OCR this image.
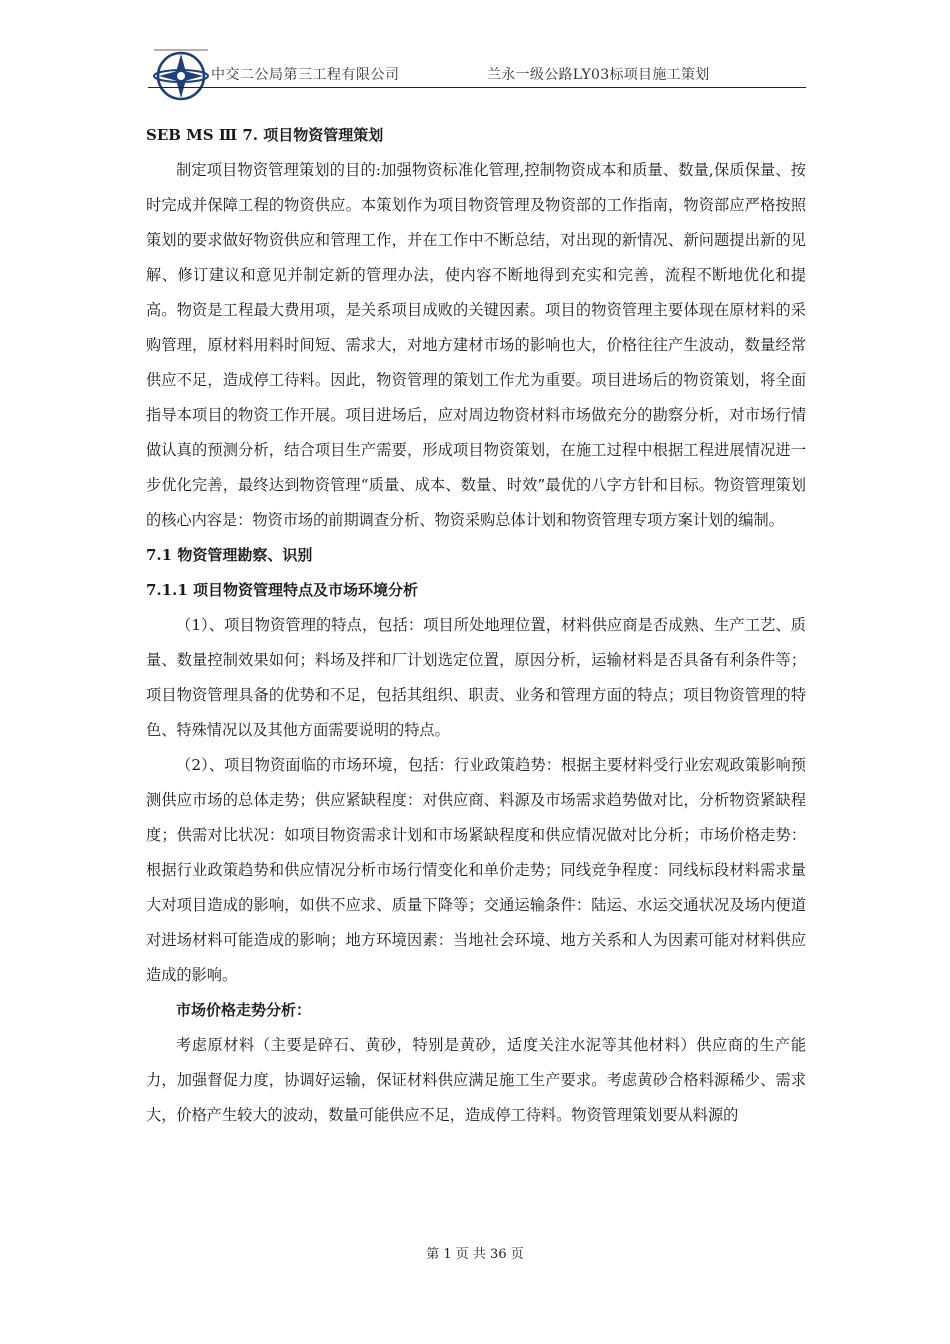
中交二公局第三工程有限公司	兰永一级公路LY03标项目施工策划
SEB MS Ⅲ 7. 项目物资管理策划

制定项目物资管理策划的目的:加强物资标准化管理,控制物资成本和质量、数量,保质保量、按时完成并保障工程的物资供应。本策划作为项目物资管理及物资部的工作指南，物资部应严格按照策划的要求做好物资供应和管理工作，并在工作中不断总结，对出现的新情况、新问题提出新的见解、修订建议和意见并制定新的管理办法，使内容不断地得到充实和完善，流程不断地优化和提高。物资是工程最大费用项，是关系项目成败的关键因素。项目的物资管理主要体现在原材料的采购管理，原材料用料时间短、需求大，对地方建材市场的影响也大，价格往往产生波动，数量经常供应不足，造成停工待料。因此，物资管理的策划工作尤为重要。项目进场后的物资策划，将全面指导本项目的物资工作开展。项目进场后，应对周边物资材料市场做充分的勘察分析，对市场行情做认真的预测分析，结合项目生产需要，形成项目物资策划，在施工过程中根据工程进展情况进一步优化完善，最终达到物资管理“质量、成本、数量、时效”最优的八字方针和目标。物资管理策划的核心内容是：物资市场的前期调查分析、物资采购总体计划和物资管理专项方案计划的编制。

7.1 物资管理勘察、识别
7.1.1 项目物资管理特点及市场环境分析

（1）、项目物资管理的特点，包括：项目所处地理位置，材料供应商是否成熟、生产工艺、质量、数量控制效果如何；料场及拌和厂计划选定位置，原因分析，运输材料是否具备有利条件等；项目物资管理具备的优势和不足，包括其组织、职责、业务和管理方面的特点；项目物资管理的特色、特殊情况以及其他方面需要说明的特点。

（2）、项目物资面临的市场环境，包括：行业政策趋势：根据主要材料受行业宏观政策影响预测供应市场的总体走势；供应紧缺程度：对供应商、料源及市场需求趋势做对比，分析物资紧缺程度；供需对比状况：如项目物资需求计划和市场紧缺程度和供应情况做对比分析；市场价格走势：根据行业政策趋势和供应情况分析市场行情变化和单价走势；同线竞争程度：同线标段材料需求量大对项目造成的影响，如供不应求、质量下降等；交通运输条件：陆运、水运交通状况及场内便道对进场材料可能造成的影响；地方环境因素：当地社会环境、地方关系和人为因素可能对材料供应造成的影响。

市场价格走势分析：

考虑原材料（主要是碎石、黄砂，特别是黄砂，适度关注水泥等其他材料）供应商的生产能力，加强督促力度，协调好运输，保证材料供应满足施工生产要求。考虑黄砂合格料源稀少、需求大，价格产生较大的波动，数量可能供应不足，造成停工待料。物资管理策划要从料源的

第 1 页 共 36 页
